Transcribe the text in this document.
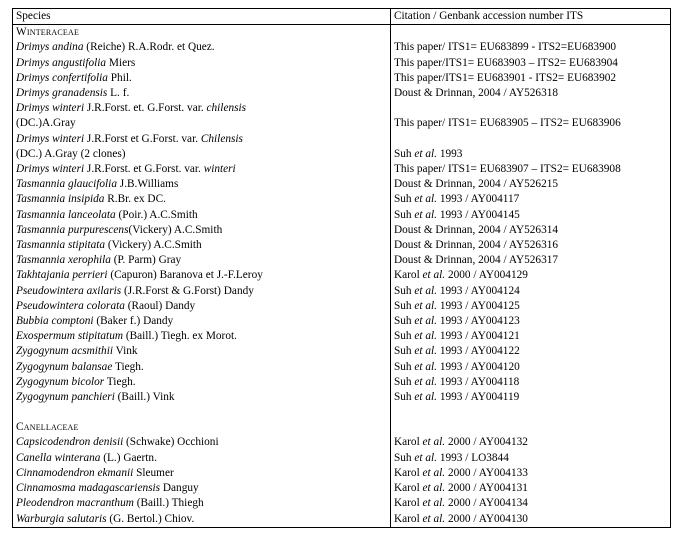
Species	Citation / Genbank accession number ITS
Winteraceae	
Drimys andina (Reiche) R.A.Rodr. et Quez.	This paper/ ITS1= EU683899 - ITS2=EU683900
Drimys angustifolia Miers	This paper/ITS1= EU683903 – ITS2= EU683904
Drimys confertifolia Phil.	This paper/ITS1= EU683901 - ITS2= EU683902
Drimys granadensis L. f.	Doust & Drinnan, 2004 / AY526318
Drimys winteri J.R.Forst. et. G.Forst. var. chilensis	
(DC.)A.Gray	This paper/ ITS1= EU683905 – ITS2= EU683906
Drimys winteri J.R.Forst et G.Forst. var. Chilensis	
(DC.) A.Gray (2 clones)	Suh et al. 1993
Drimys winteri J.R.Forst. et G.Forst. var. winteri	This paper/ ITS1= EU683907 – ITS2= EU683908
Tasmannia glaucifolia J.B.Williams	Doust & Drinnan, 2004 / AY526215
Tasmannia insipida R.Br. ex DC.	Suh et al. 1993 / AY004117
Tasmannia lanceolata (Poir.) A.C.Smith	Suh et al. 1993 / AY004145
Tasmannia purpurescens(Vickery) A.C.Smith	Doust & Drinnan, 2004 / AY526314
Tasmannia stipitata (Vickery) A.C.Smith	Doust & Drinnan, 2004 / AY526316
Tasmannia xerophila (P. Parm) Gray	Doust & Drinnan, 2004 / AY526317
Takhtajania perrieri (Capuron) Baranova et J.-F.Leroy	Karol et al. 2000 / AY004129
Pseudowintera axilaris (J.R.Forst & G.Forst) Dandy	Suh et al. 1993 / AY004124
Pseudowintera colorata (Raoul) Dandy	Suh et al. 1993 / AY004125
Bubbia comptoni (Baker f.) Dandy	Suh et al. 1993 / AY004123
Exospermum stipitatum (Baill.) Tiegh. ex Morot.	Suh et al. 1993 / AY004121
Zygogynum acsmithii Vink	Suh et al. 1993 / AY004122
Zygogynum balansae Tiegh.	Suh et al. 1993 / AY004120
Zygogynum bicolor Tiegh.	Suh et al. 1993 / AY004118
Zygogynum panchieri (Baill.) Vink	Suh et al. 1993 / AY004119

Canellaceae	
Capsicodendron denisii (Schwake) Occhioni	Karol et al. 2000 / AY004132
Canella winterana (L.) Gaertn.	Suh et al. 1993 / LO3844
Cinnamodendron ekmanii Sleumer	Karol et al. 2000 / AY004133
Cinnamosma madagascariensis Danguy	Karol et al. 2000 / AY004131
Pleodendron macranthum (Baill.) Thiegh	Karol et al. 2000 / AY004134
Warburgia salutaris (G. Bertol.) Chiov.	Karol et al. 2000 / AY004130
